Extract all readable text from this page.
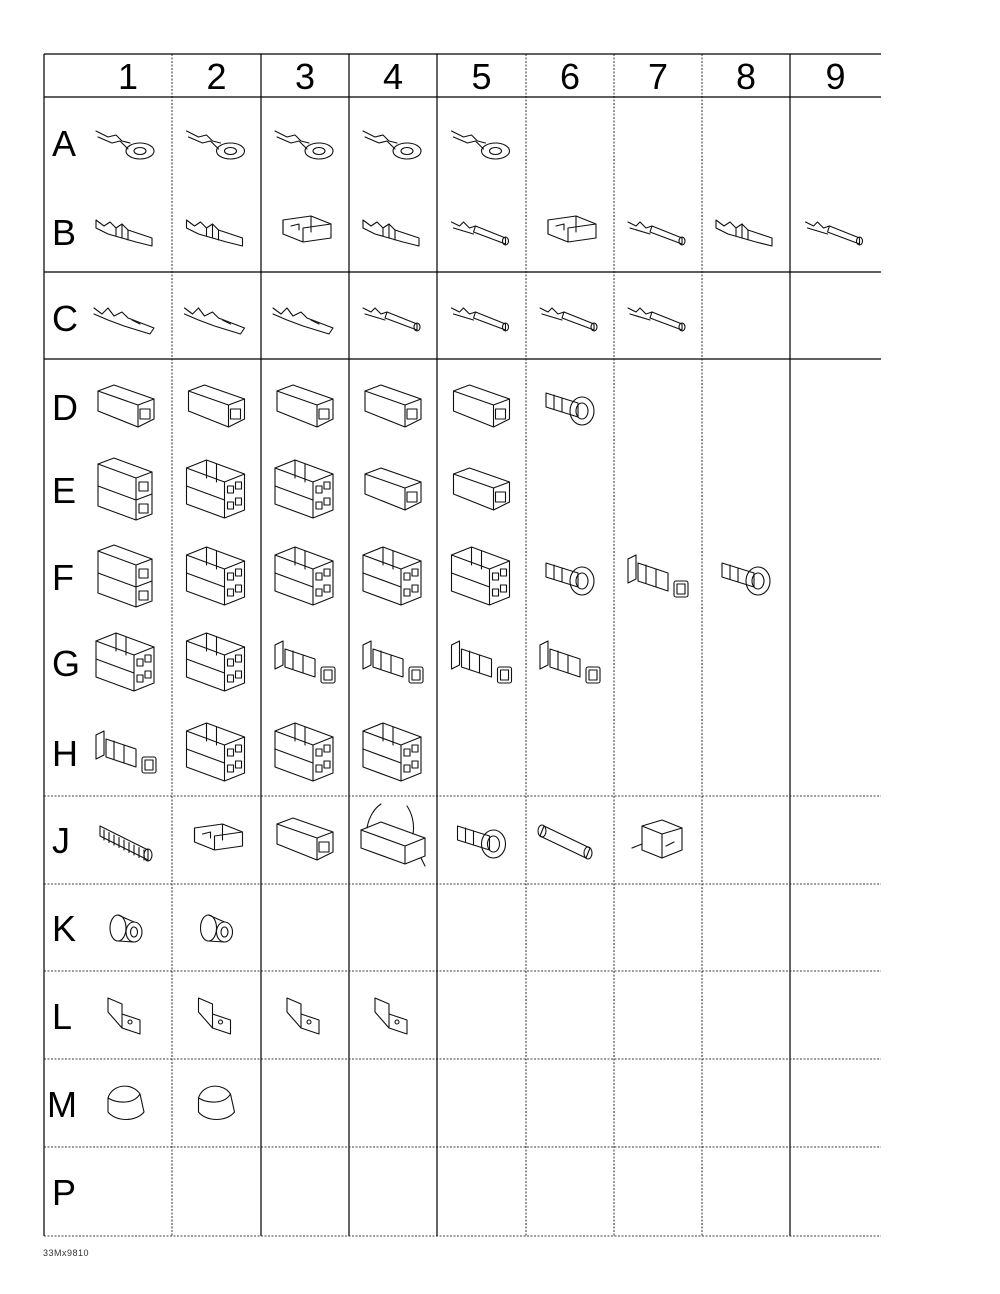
1 2 3 4 5 6 7 8 9
A
B
C
D
E
F
G
H
J
K
L
M
P
33Mx9810
